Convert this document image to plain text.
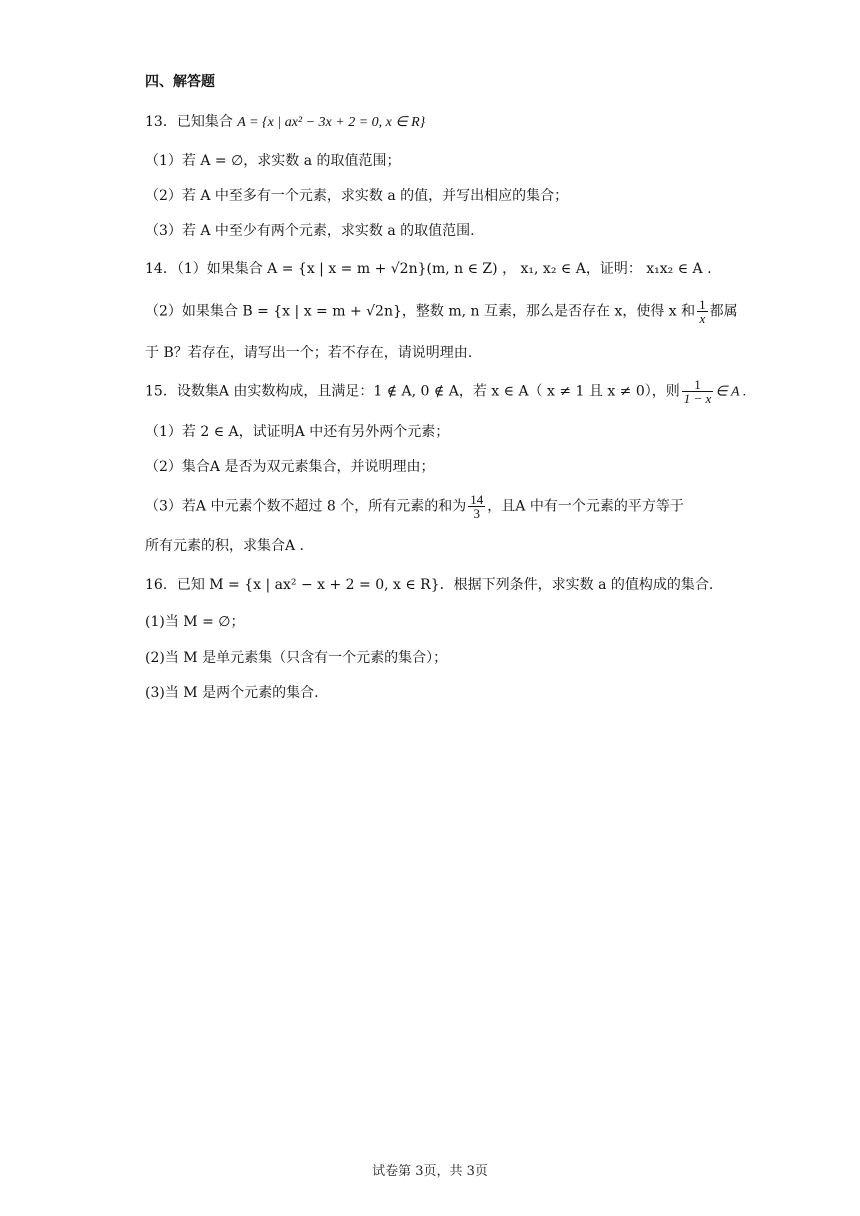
四、解答题
13．已知集合 A = {x | ax² − 3x + 2 = 0, x ∈ R}
（1）若 A = ∅，求实数 a 的取值范围；
（2）若 A 中至多有一个元素，求实数 a 的值，并写出相应的集合；
（3）若 A 中至少有两个元素，求实数 a 的取值范围.
14．（1）如果集合 A = {x | x = m + √2n}(m, n ∈ Z) ， x₁, x₂ ∈ A，证明： x₁x₂ ∈ A .
（2）如果集合 B = {x | x = m + √2n}，整数 m, n 互素，那么是否存在 x，使得 x 和 $\frac{1}{x}$ 都属
于 B？若存在，请写出一个；若不存在，请说明理由.
15．设数集A 由实数构成，且满足：1 ∉ A, 0 ∉ A，若 x ∈ A（ x ≠ 1 且 x ≠ 0），则 $\frac{1}{1 - x}$ ∈ A .
（1）若 2 ∈ A，试证明A 中还有另外两个元素；
（2）集合A 是否为双元素集合，并说明理由；
（3）若A 中元素个数不超过 8 个，所有元素的和为 $\frac{14}{3}$ ，且A 中有一个元素的平方等于
所有元素的积，求集合A .
16．已知 M = {x | ax² − x + 2 = 0, x ∈ R}．根据下列条件，求实数 a 的值构成的集合.
(1)当 M = ∅；
(2)当 M 是单元素集（只含有一个元素的集合）；
(3)当 M 是两个元素的集合.
试卷第 3页，共 3页
